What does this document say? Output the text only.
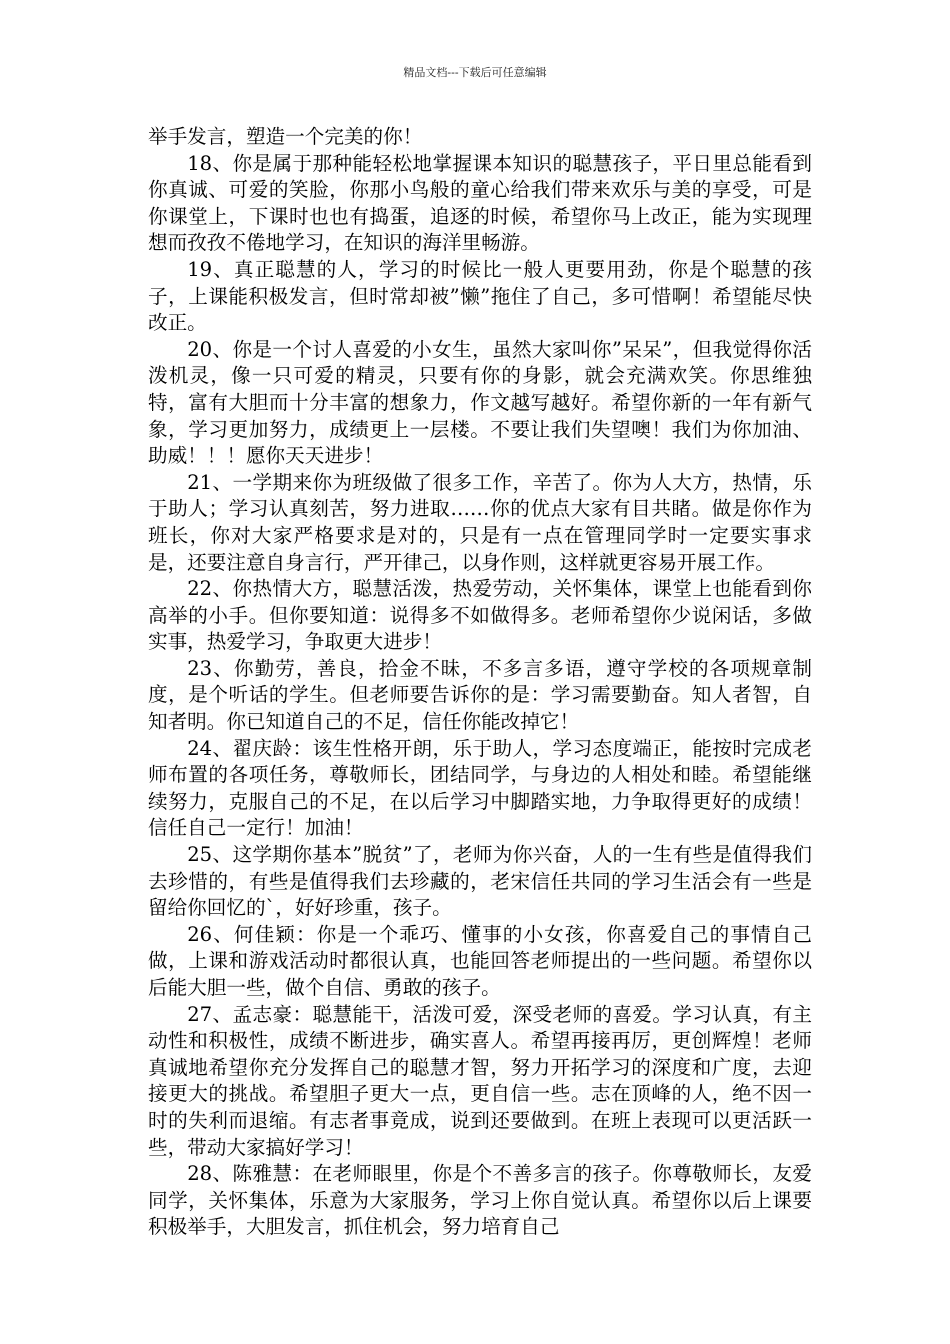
精品文档---下载后可任意编辑

举手发言，塑造一个完美的你！

18、你是属于那种能轻松地掌握课本知识的聪慧孩子，平日里总能看到你真诚、可爱的笑脸，你那小鸟般的童心给我们带来欢乐与美的享受，可是你课堂上，下课时也也有捣蛋，追逐的时候，希望你马上改正，能为实现理想而孜孜不倦地学习，在知识的海洋里畅游。

19、真正聪慧的人，学习的时候比一般人更要用劲，你是个聪慧的孩子，上课能积极发言，但时常却被”懒”拖住了自己，多可惜啊！希望能尽快改正。

20、你是一个讨人喜爱的小女生，虽然大家叫你”呆呆”，但我觉得你活泼机灵，像一只可爱的精灵，只要有你的身影，就会充满欢笑。你思维独特，富有大胆而十分丰富的想象力，作文越写越好。希望你新的一年有新气象，学习更加努力，成绩更上一层楼。不要让我们失望噢！我们为你加油、助威！！！愿你天天进步！

21、一学期来你为班级做了很多工作，辛苦了。你为人大方，热情，乐于助人；学习认真刻苦，努力进取……你的优点大家有目共睹。做是你作为班长，你对大家严格要求是对的，只是有一点在管理同学时一定要实事求是，还要注意自身言行，严开律己，以身作则，这样就更容易开展工作。

22、你热情大方，聪慧活泼，热爱劳动，关怀集体，课堂上也能看到你高举的小手。但你要知道：说得多不如做得多。老师希望你少说闲话，多做实事，热爱学习，争取更大进步！

23、你勤劳，善良，拾金不昧，不多言多语，遵守学校的各项规章制度，是个听话的学生。但老师要告诉你的是：学习需要勤奋。知人者智，自知者明。你已知道自己的不足，信任你能改掉它！

24、翟庆龄：该生性格开朗，乐于助人，学习态度端正，能按时完成老师布置的各项任务，尊敬师长，团结同学，与身边的人相处和睦。希望能继续努力，克服自己的不足，在以后学习中脚踏实地，力争取得更好的成绩！信任自己一定行！加油！

25、这学期你基本”脱贫”了，老师为你兴奋，人的一生有些是值得我们去珍惜的，有些是值得我们去珍藏的，老宋信任共同的学习生活会有一些是留给你回忆的`，好好珍重，孩子。

26、何佳颖：你是一个乖巧、懂事的小女孩，你喜爱自己的事情自己做，上课和游戏活动时都很认真，也能回答老师提出的一些问题。希望你以后能大胆一些，做个自信、勇敢的孩子。

27、孟志豪：聪慧能干，活泼可爱，深受老师的喜爱。学习认真，有主动性和积极性，成绩不断进步，确实喜人。希望再接再厉，更创辉煌！老师真诚地希望你充分发挥自己的聪慧才智，努力开拓学习的深度和广度，去迎接更大的挑战。希望胆子更大一点，更自信一些。志在顶峰的人，绝不因一时的失利而退缩。有志者事竟成，说到还要做到。在班上表现可以更活跃一些，带动大家搞好学习！

28、陈雅慧：在老师眼里，你是个不善多言的孩子。你尊敬师长，友爱同学，关怀集体，乐意为大家服务，学习上你自觉认真。希望你以后上课要积极举手，大胆发言，抓住机会，努力培育自己
